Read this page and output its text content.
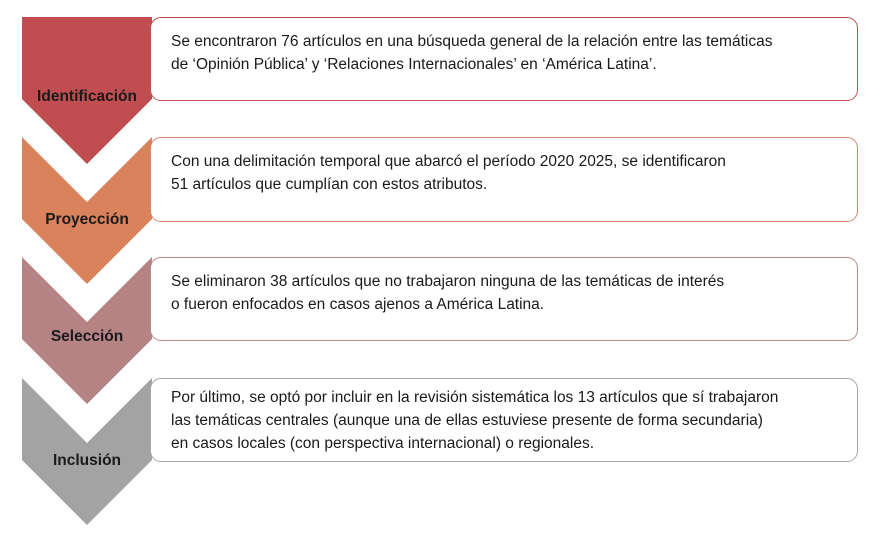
Se encontraron 76 artículos en una búsqueda general de la relación entre las temáticas

de ‘Opinión Pública’ y ‘Relaciones Internacionales’ en ‘América Latina’.

Con una delimitación temporal que abarcó el período 2020 2025, se identificaron

51 artículos que cumplían con estos atributos.

Se eliminaron 38 artículos que no trabajaron ninguna de las temáticas de interés

o fueron enfocados en casos ajenos a América Latina.

Por último, se optó por incluir en la revisión sistemática los 13 artículos que sí trabajaron

las temáticas centrales (aunque una de ellas estuviese presente de forma secundaria)

en casos locales (con perspectiva internacional) o regionales.

Identificación
Proyección
Selección
Inclusión
